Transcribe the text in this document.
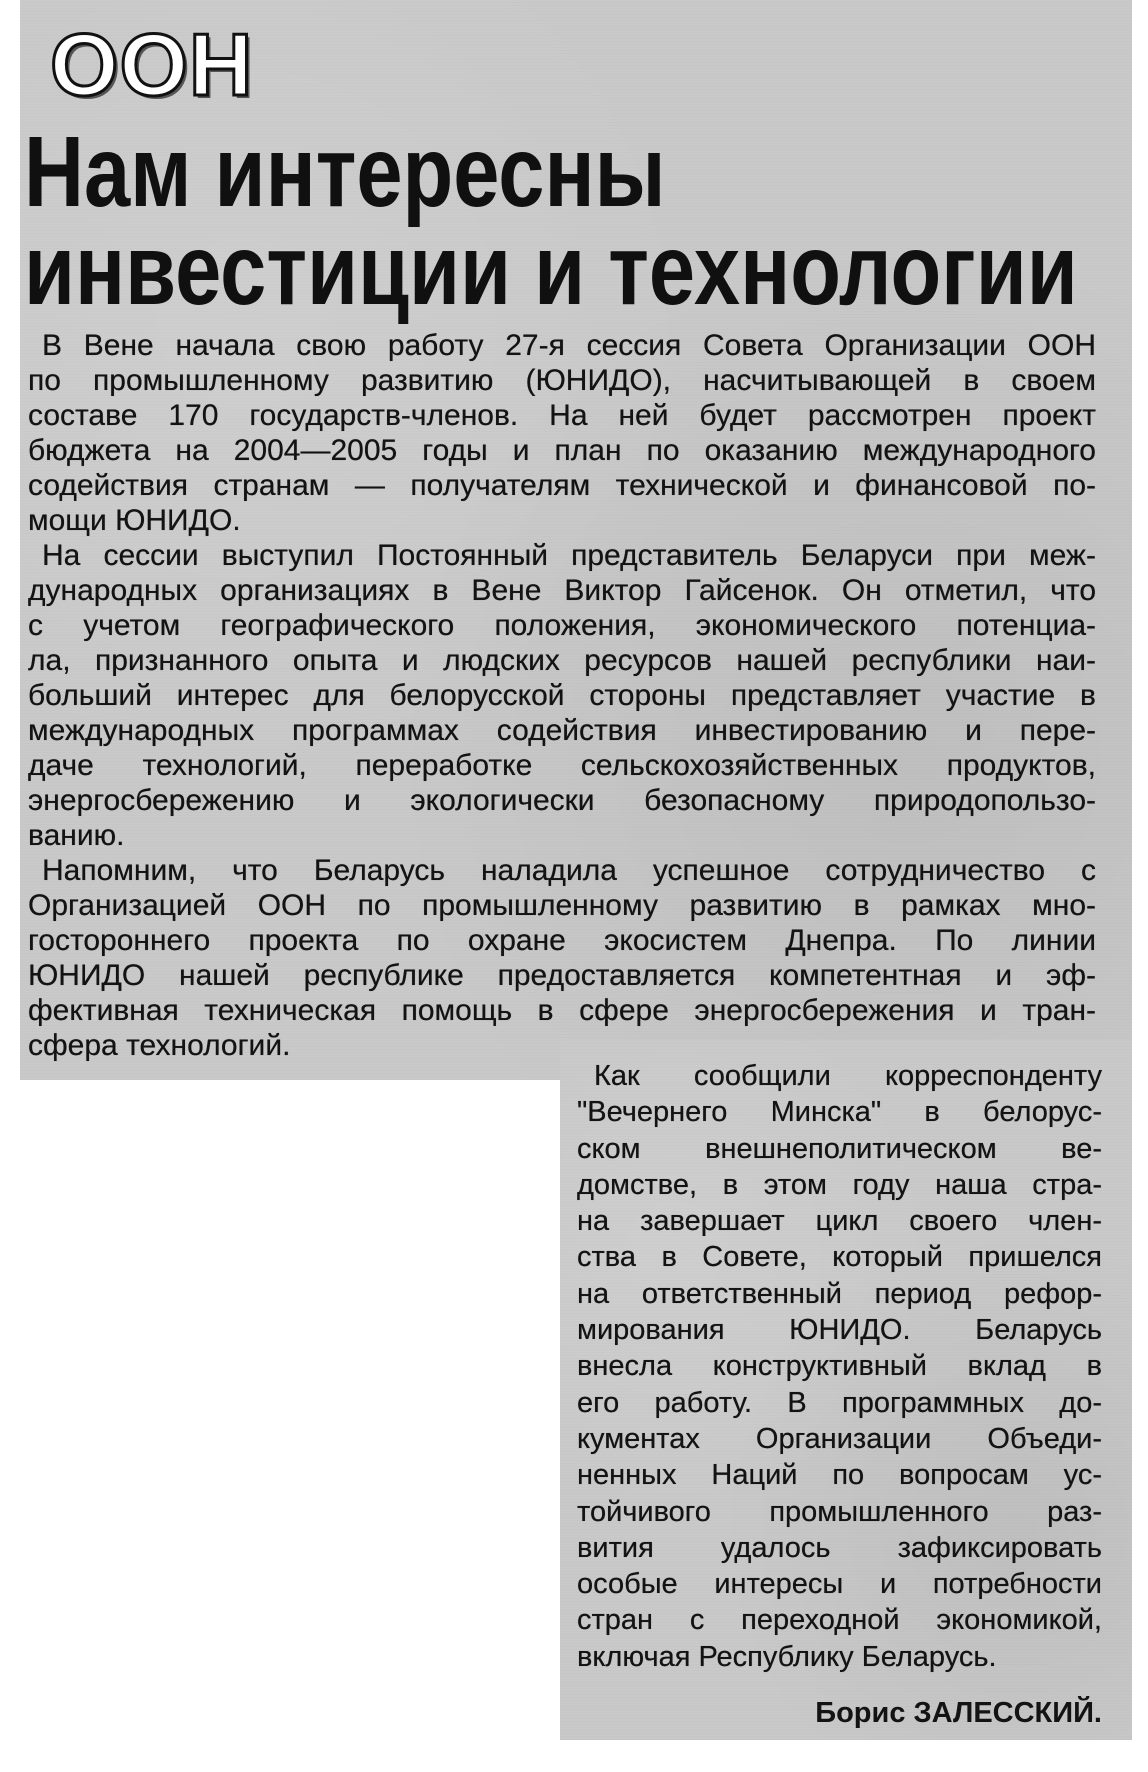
ООН
Нам интересны
инвестиции и технологии
В Вене начала свою работу 27-я сессия Совета Организации ООН
по промышленному развитию (ЮНИДО), насчитывающей в своем
составе 170 государств-членов. На ней будет рассмотрен проект
бюджета на 2004—2005 годы и план по оказанию международного
содействия странам — получателям технической и финансовой по-
мощи ЮНИДО.
На сессии выступил Постоянный представитель Беларуси при меж-
дународных организациях в Вене Виктор Гайсенок. Он отметил, что
с учетом географического положения, экономического потенциа-
ла, признанного опыта и людских ресурсов нашей республики наи-
больший интерес для белорусской стороны представляет участие в
международных программах содействия инвестированию и пере-
даче технологий, переработке сельскохозяйственных продуктов,
энергосбережению и экологически безопасному природопользо-
ванию.
Напомним, что Беларусь наладила успешное сотрудничество с
Организацией ООН по промышленному развитию в рамках мно-
гостороннего проекта по охране экосистем Днепра. По линии
ЮНИДО нашей республике предоставляется компетентная и эф-
фективная техническая помощь в сфере энергосбережения и тран-
сфера технологий.
Как сообщили корреспонденту
"Вечернего Минска" в белорус-
ском внешнеполитическом ве-
домстве, в этом году наша стра-
на завершает цикл своего член-
ства в Совете, который пришелся
на ответственный период рефор-
мирования ЮНИДО. Беларусь
внесла конструктивный вклад в
его работу. В программных до-
кументах Организации Объеди-
ненных Наций по вопросам ус-
тойчивого промышленного раз-
вития удалось зафиксировать
особые интересы и потребности
стран с переходной экономикой,
включая Республику Беларусь.
Борис ЗАЛЕССКИЙ.
